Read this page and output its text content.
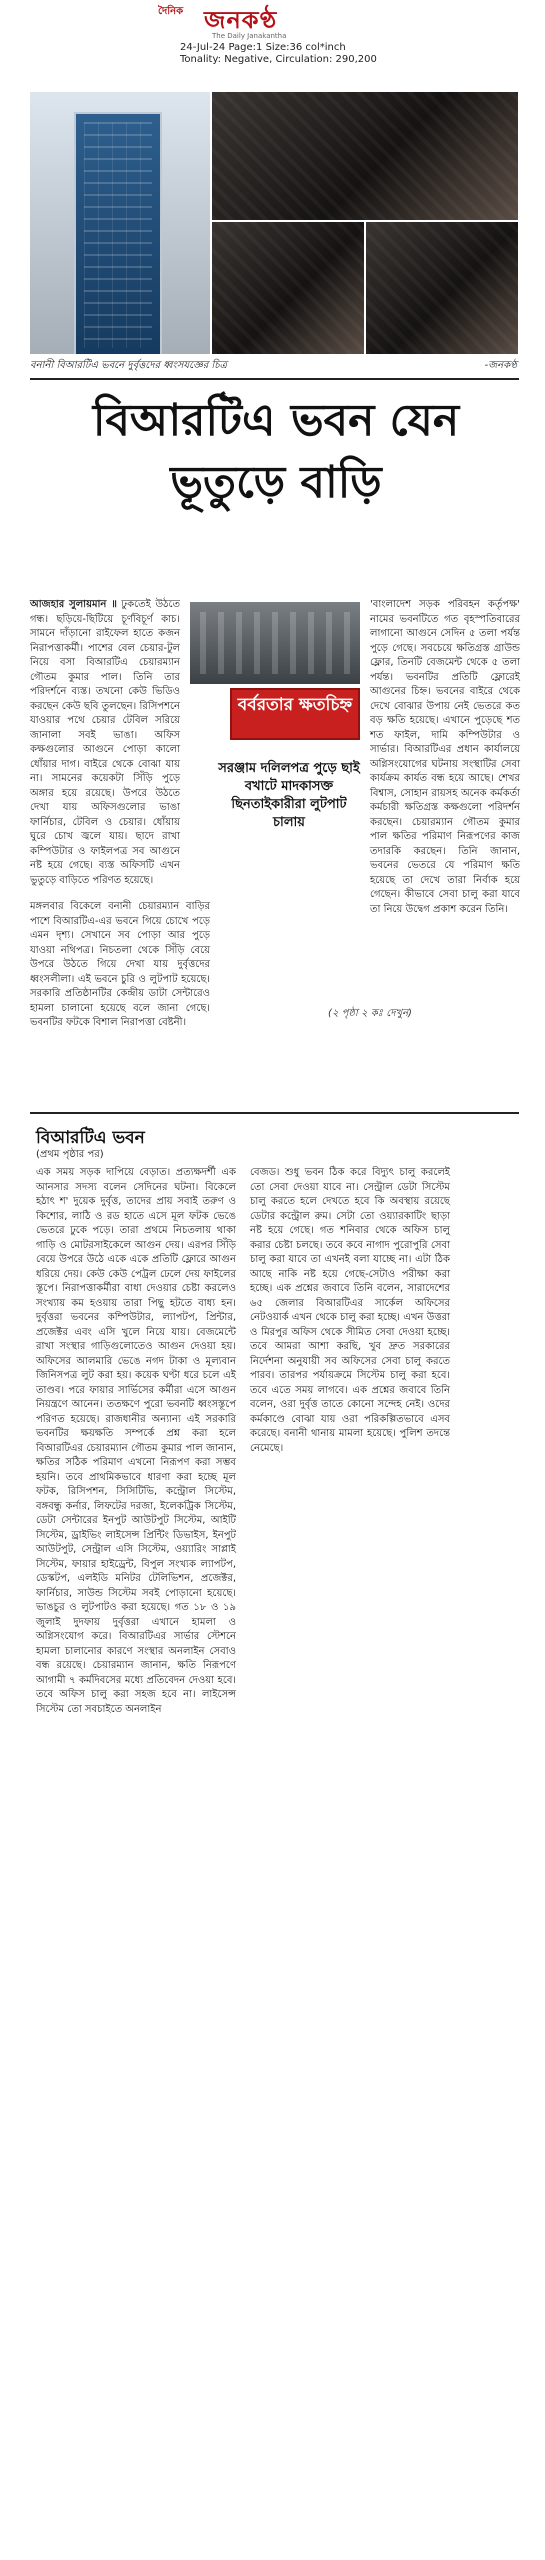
দৈনিক জনকণ্ঠ
The Daily Janakantha
24-Jul-24 Page:1 Size:36 col*inch
Tonality: Negative, Circulation: 290,200
বনানী বিআরটিএ ভবনে দুর্বৃত্তদের ধ্বংসযজ্ঞের চিত্র	-জনকণ্ঠ
বিআরটিএ ভবন যেন ভূতুড়ে বাড়ি

আজহার সুলায়মান ॥ ঢুকতেই উঠতে গন্ধ। ছড়িয়ে-ছিটিয়ে চূর্ণবিচূর্ণ কাচ। সামনে দাঁড়ানো রাইফেল হাতে কজন নিরাপত্তাকর্মী। পাশের বেল চেয়ার-টুল নিয়ে বসা বিআরটিএ চেয়ারম্যান গৌতম কুমার পাল। তিনি তার পরিদর্শনে ব্যস্ত। তখনো কেউ ভিডিও করছেন কেউ ছবি তুলছেন। রিসিপশনে যাওয়ার পথে চেয়ার টেবিল সরিয়ে জানালা সবই ভাঙা। অফিস কক্ষগুলোর আগুনে পোড়া কালো ধোঁয়ার দাগ। বাইরে থেকে বোঝা যায় না। সামনের কয়েকটা সিঁড়ি পুড়ে অঙ্গার হয়ে রয়েছে। উপরে উঠতে দেখা যায় অফিসগুলোর ভাঙা ফার্নিচার, টেবিল ও চেয়ার। ধোঁয়ায় ঘুরে চোখ জ্বলে যায়। ছাদে রাখা কম্পিউটার ও ফাইলপত্র সব আগুনে নষ্ট হয়ে গেছে। ব্যস্ত অফিসটি এখন ভুতুড়ে বাড়িতে পরিণত হয়েছে।

বর্বরতার ক্ষতচিহ্ন
সরঞ্জাম দলিলপত্র পুড়ে ছাই বখাটে মাদকাসক্ত ছিনতাইকারীরা লুটপাট চালায়

মঙ্গলবার বিকেলে বনানী চেয়ারম্যান বাড়ির পাশে বিআরটিএ-এর ভবনে গিয়ে চোখে পড়ে এমন দৃশ্য। সেখানে সব পোড়া আর পুড়ে যাওয়া নথিপত্র। নিচতলা থেকে সিঁড়ি বেয়ে উপরে উঠতে গিয়ে দেখা যায় দুর্বৃত্তদের ধ্বংসলীলা। এই ভবনে চুরি ও লুটপাট হয়েছে। সরকারি প্রতিষ্ঠানটির কেন্দ্রীয় ডাটা সেন্টারেও হামলা চালানো হয়েছে বলে জানা গেছে। ভবনটির ফটকে বিশাল নিরাপত্তা বেষ্টনী।

'বাংলাদেশ সড়ক পরিবহন কর্তৃপক্ষ' নামের ভবনটিতে গত বৃহস্পতিবারের লাগানো আগুনে সেদিন ৫ তলা পর্যন্ত পুড়ে গেছে। সবচেয়ে ক্ষতিগ্রস্ত গ্রাউন্ড ফ্লোর, তিনটি বেজমেন্ট থেকে ৫ তলা পর্যন্ত। ভবনটির প্রতিটি ফ্লোরেই আগুনের চিহ্ন। ভবনের বাইরে থেকে দেখে বোঝার উপায় নেই ভেতরে কত বড় ক্ষতি হয়েছে। এখানে পুড়েছে শত শত ফাইল, দামি কম্পিউটার ও সার্ভার। বিআরটিএর প্রধান কার্যালয়ে অগ্নিসংযোগের ঘটনায় সংস্থাটির সেবা কার্যক্রম কার্যত বন্ধ হয়ে আছে। শেখর বিশ্বাস, সোহান রায়সহ অনেক কর্মকর্তা কর্মচারী ক্ষতিগ্রস্ত কক্ষগুলো পরিদর্শন করছেন। চেয়ারম্যান গৌতম কুমার পাল ক্ষতির পরিমাণ নিরূপণের কাজ তদারকি করছেন। তিনি জানান, ভবনের ভেতরে যে পরিমাণ ক্ষতি হয়েছে তা দেখে তারা নির্বাক হয়ে গেছেন। কীভাবে সেবা চালু করা যাবে তা নিয়ে উদ্বেগ প্রকাশ করেন তিনি।

(২ পৃষ্ঠা ২ কঃ দেখুন)
বিআরটিএ ভবন
(প্রথম পৃষ্ঠার পর)

এক সময় সড়ক দাপিয়ে বেড়াত। প্রত্যক্ষদর্শী এক আনসার সদস্য বলেন সেদিনের ঘটনা। বিকেলে হঠাৎ শ' দুয়েক দুর্বৃত্ত, তাদের প্রায় সবাই তরুণ ও কিশোর, লাঠি ও রড হাতে এসে মূল ফটক ভেঙে ভেতরে ঢুকে পড়ে। তারা প্রথমে নিচতলায় থাকা গাড়ি ও মোটরসাইকেলে আগুন দেয়। এরপর সিঁড়ি বেয়ে উপরে উঠে একে একে প্রতিটি ফ্লোরে আগুন ধরিয়ে দেয়। কেউ কেউ পেট্রল ঢেলে দেয় ফাইলের স্তূপে। নিরাপত্তাকর্মীরা বাধা দেওয়ার চেষ্টা করলেও সংখ্যায় কম হওয়ায় তারা পিছু হটতে বাধ্য হন। দুর্বৃত্তরা ভবনের কম্পিউটার, ল্যাপটপ, প্রিন্টার, প্রজেক্টর এবং এসি খুলে নিয়ে যায়। বেজমেন্টে রাখা সংস্থার গাড়িগুলোতেও আগুন দেওয়া হয়। অফিসের আলমারি ভেঙে নগদ টাকা ও মূল্যবান জিনিসপত্র লুট করা হয়। কয়েক ঘণ্টা ধরে চলে এই তাণ্ডব। পরে ফায়ার সার্ভিসের কর্মীরা এসে আগুন নিয়ন্ত্রণে আনেন। ততক্ষণে পুরো ভবনটি ধ্বংসস্তূপে পরিণত হয়েছে। রাজধানীর অন্যান্য এই সরকারি ভবনটির ক্ষয়ক্ষতি সম্পর্কে প্রশ্ন করা হলে বিআরটিএর চেয়ারম্যান গৌতম কুমার পাল জানান, ক্ষতির সঠিক পরিমাণ এখনো নিরূপণ করা সম্ভব হয়নি। তবে প্রাথমিকভাবে ধারণা করা হচ্ছে মূল ফটক, রিসিপশন, সিসিটিভি, কন্ট্রোল সিস্টেম, বঙ্গবন্ধু কর্নার, লিফটের দরজা, ইলেকট্রিক সিস্টেম, ডেটা সেন্টারের ইনপুট আউটপুট সিস্টেম, আইটি সিস্টেম, ড্রাইভিং লাইসেন্স প্রিন্টিং ডিভাইস, ইনপুট আউটপুট, সেন্ট্রাল এসি সিস্টেম, ওয়্যারিং সাপ্লাই সিস্টেম, ফায়ার হাইড্রেন্ট, বিপুল সংখ্যক ল্যাপটপ, ডেস্কটপ, এলইডি মনিটর টেলিভিশন, প্রজেক্টর, ফার্নিচার, সাউন্ড সিস্টেম সবই পোড়ানো হয়েছে। ভাঙচুর ও লুটপাটও করা হয়েছে। গত ১৮ ও ১৯ জুলাই দুদফায় দুর্বৃত্তরা এখানে হামলা ও অগ্নিসংযোগ করে। বিআরটিএর সার্ভার স্টেশনে হামলা চালানোর কারণে সংস্থার অনলাইন সেবাও বন্ধ রয়েছে। চেয়ারম্যান জানান, ক্ষতি নিরূপণে আগামী ৭ কর্মদিবসের মধ্যে প্রতিবেদন দেওয়া হবে। তবে অফিস চালু করা সহজ হবে না। লাইসেন্স সিস্টেম তো সবচাইতে অনলাইন

বেজড। শুধু ভবন ঠিক করে বিদ্যুৎ চালু করলেই তো সেবা দেওয়া যাবে না। সেন্ট্রাল ডেটা সিস্টেম চালু করতে হলে দেখতে হবে কি অবস্থায় রয়েছে ডেটার কন্ট্রোল রুম। সেটা তো ওয়্যারকাটিং ছাড়া নষ্ট হয়ে গেছে। গত শনিবার থেকে অফিস চালু করার চেষ্টা চলছে। তবে কবে নাগাদ পুরোপুরি সেবা চালু করা যাবে তা এখনই বলা যাচ্ছে না। এটা ঠিক আছে নাকি নষ্ট হয়ে গেছে-সেটাও পরীক্ষা করা হচ্ছে। এক প্রশ্নের জবাবে তিনি বলেন, সারাদেশের ৬৫ জেলার বিআরটিএর সার্কেল অফিসের নেটওয়ার্ক এখন থেকে চালু করা হচ্ছে। এখন উত্তরা ও মিরপুর অফিস থেকে সীমিত সেবা দেওয়া হচ্ছে। তবে আমরা আশা করছি, খুব দ্রুত সরকারের নির্দেশনা অনুযায়ী সব অফিসের সেবা চালু করতে পারব। তারপর পর্যায়ক্রমে সিস্টেম চালু করা হবে। তবে এতে সময় লাগবে। এক প্রশ্নের জবাবে তিনি বলেন, ওরা দুর্বৃত্ত তাতে কোনো সন্দেহ নেই। ওদের কর্মকাণ্ডে বোঝা যায় ওরা পরিকল্পিতভাবে এসব করেছে। বনানী থানায় মামলা হয়েছে। পুলিশ তদন্তে নেমেছে।
